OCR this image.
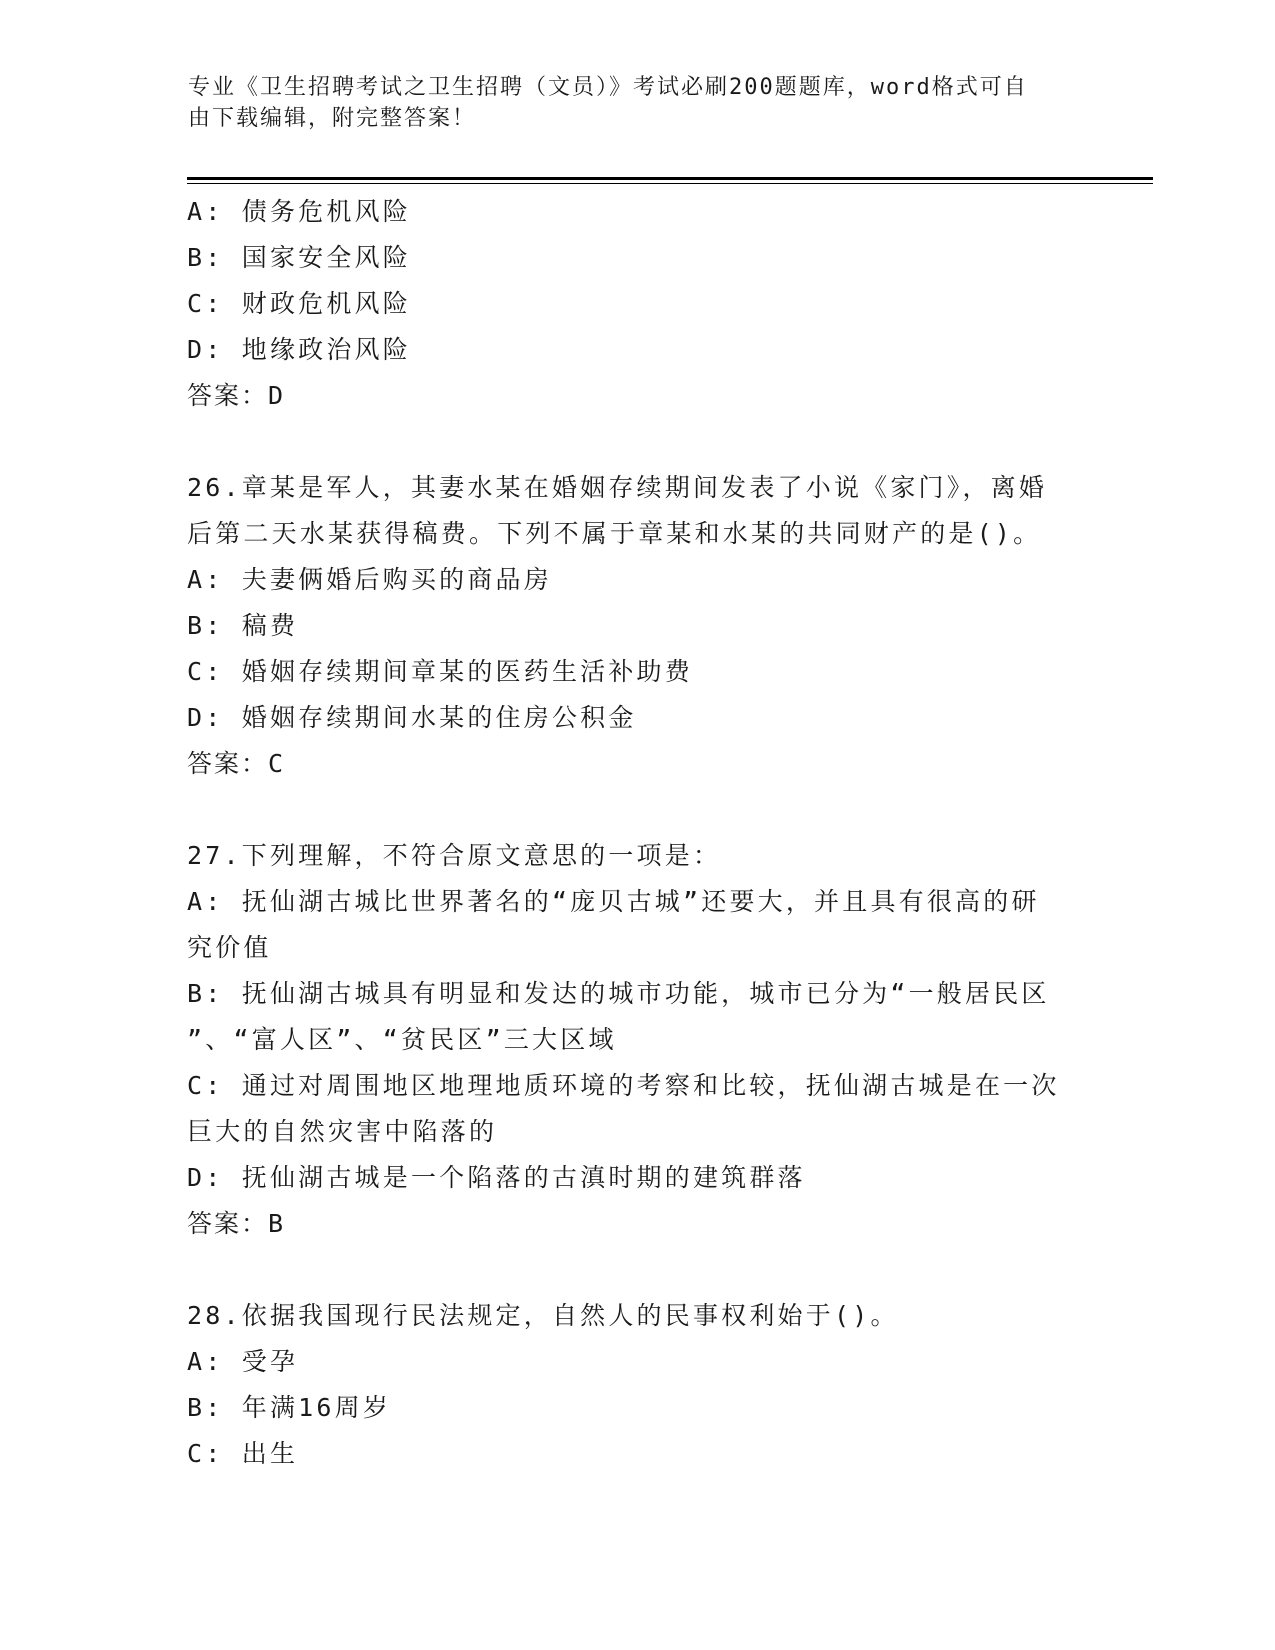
专业《卫生招聘考试之卫生招聘（文员）》考试必刷200题题库，word格式可自
由下载编辑，附完整答案！
A: 债务危机风险
B: 国家安全风险
C: 财政危机风险
D: 地缘政治风险
答案：D
26.章某是军人，其妻水某在婚姻存续期间发表了小说《家门》，离婚
后第二天水某获得稿费。下列不属于章某和水某的共同财产的是()。
A: 夫妻俩婚后购买的商品房
B: 稿费
C: 婚姻存续期间章某的医药生活补助费
D: 婚姻存续期间水某的住房公积金
答案：C
27.下列理解，不符合原文意思的一项是：
A: 抚仙湖古城比世界著名的“庞贝古城”还要大，并且具有很高的研
究价值
B: 抚仙湖古城具有明显和发达的城市功能，城市已分为“一般居民区
”、“富人区”、“贫民区”三大区域
C: 通过对周围地区地理地质环境的考察和比较，抚仙湖古城是在一次
巨大的自然灾害中陷落的
D: 抚仙湖古城是一个陷落的古滇时期的建筑群落
答案：B
28.依据我国现行民法规定，自然人的民事权利始于()。
A: 受孕
B: 年满16周岁
C: 出生
